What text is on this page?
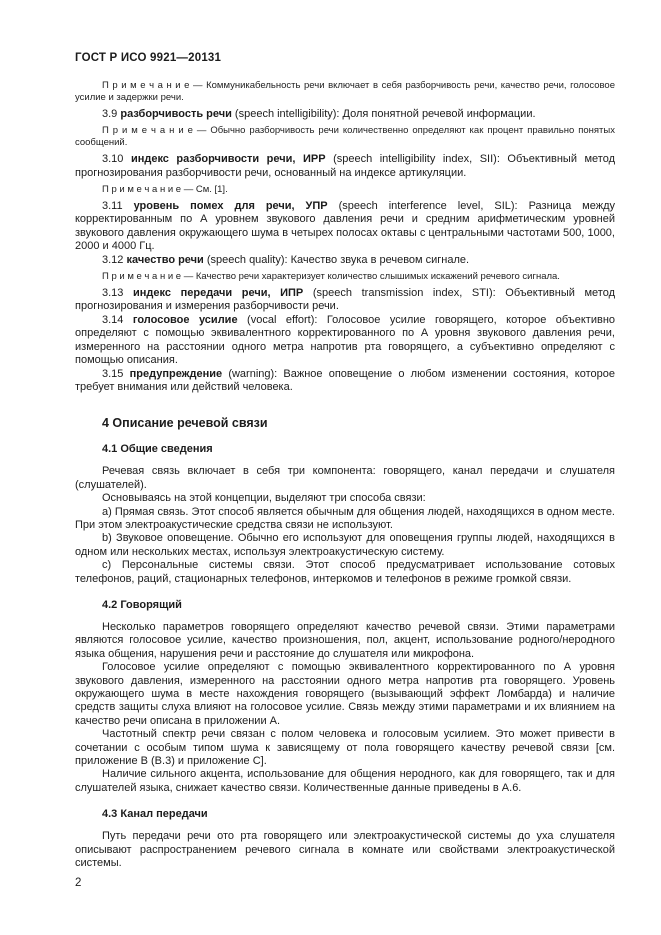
ГОСТ Р ИСО 9921—20131

П р и м е ч а н и е — Коммуникабельность речи включает в себя разборчивость речи, качество речи, голосовое усилие и задержки речи.

3.9 разборчивость речи (speech intelligibility): Доля понятной речевой информации.

П р и м е ч а н и е — Обычно разборчивость речи количественно определяют как процент правильно понятых сообщений.

3.10 индекс разборчивости речи, ИРР (speech intelligibility index, SII): Объективный метод прогнозирования разборчивости речи, основанный на индексе артикуляции.

П р и м е ч а н и е — См. [1].

3.11 уровень помех для речи, УПР (speech interference level, SIL): Разница между корректированным по А уровнем звукового давления речи и средним арифметическим уровней звукового давления окружающего шума в четырех полосах октавы с центральными частотами 500, 1000, 2000 и 4000 Гц.

3.12 качество речи (speech quality): Качество звука в речевом сигнале.

П р и м е ч а н и е — Качество речи характеризует количество слышимых искажений речевого сигнала.

3.13 индекс передачи речи, ИПР (speech transmission index, STI): Объективный метод прогнозирования и измерения разборчивости речи.

3.14 голосовое усилие (vocal effort): Голосовое усилие говорящего, которое объективно определяют с помощью эквивалентного корректированного по А уровня звукового давления речи, измеренного на расстоянии одного метра напротив рта говорящего, а субъективно определяют с помощью описания.

3.15 предупреждение (warning): Важное оповещение о любом изменении состояния, которое требует внимания или действий человека.

4 Описание речевой связи
4.1 Общие сведения

Речевая связь включает в себя три компонента: говорящего, канал передачи и слушателя (слушателей).

Основываясь на этой концепции, выделяют три способа связи:

a) Прямая связь. Этот способ является обычным для общения людей, находящихся в одном месте. При этом электроакустические средства связи не используют.

b) Звуковое оповещение. Обычно его используют для оповещения группы людей, находящихся в одном или нескольких местах, используя электроакустическую систему.

c) Персональные системы связи. Этот способ предусматривает использование сотовых телефонов, раций, стационарных телефонов, интеркомов и телефонов в режиме громкой связи.

4.2 Говорящий

Несколько параметров говорящего определяют качество речевой связи. Этими параметрами являются голосовое усилие, качество произношения, пол, акцент, использование родного/неродного языка общения, нарушения речи и расстояние до слушателя или микрофона.

Голосовое усилие определяют с помощью эквивалентного корректированного по А уровня звукового давления, измеренного на расстоянии одного метра напротив рта говорящего. Уровень окружающего шума в месте нахождения говорящего (вызывающий эффект Ломбарда) и наличие средств защиты слуха влияют на голосовое усилие. Связь между этими параметрами и их влиянием на качество речи описана в приложении А.

Частотный спектр речи связан с полом человека и голосовым усилием. Это может привести в сочетании с особым типом шума к зависящему от пола говорящего качеству речевой связи [см. приложение В (В.3) и приложение С].

Наличие сильного акцента, использование для общения неродного, как для говорящего, так и для слушателей языка, снижает качество связи. Количественные данные приведены в А.6.

4.3 Канал передачи

Путь передачи речи ото рта говорящего или электроакустической системы до уха слушателя описывают распространением речевого сигнала в комнате или свойствами электроакустической системы.

2
